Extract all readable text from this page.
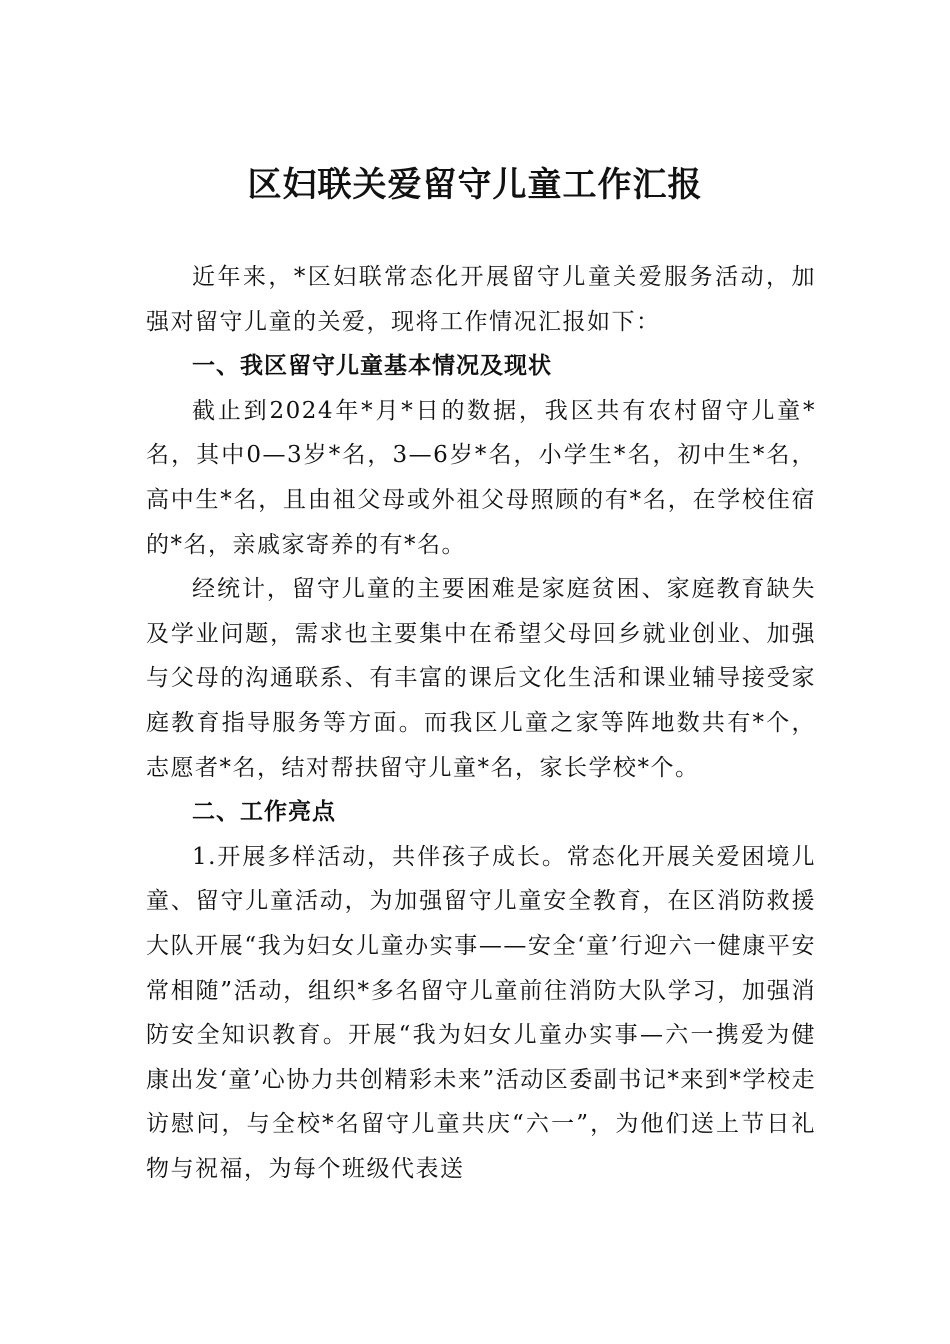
区妇联关爱留守儿童工作汇报

近年来，*区妇联常态化开展留守儿童关爱服务活动，加强对留守儿童的关爱，现将工作情况汇报如下：

一、我区留守儿童基本情况及现状

截止到2024年*月*日的数据，我区共有农村留守儿童*名，其中0—3岁*名，3—6岁*名，小学生*名，初中生*名，高中生*名，且由祖父母或外祖父母照顾的有*名，在学校住宿的*名，亲戚家寄养的有*名。

经统计，留守儿童的主要困难是家庭贫困、家庭教育缺失及学业问题，需求也主要集中在希望父母回乡就业创业、加强与父母的沟通联系、有丰富的课后文化生活和课业辅导接受家庭教育指导服务等方面。而我区儿童之家等阵地数共有*个，志愿者*名，结对帮扶留守儿童*名，家长学校*个。

二、工作亮点

1.开展多样活动，共伴孩子成长。常态化开展关爱困境儿童、留守儿童活动，为加强留守儿童安全教育，在区消防救援大队开展“我为妇女儿童办实事——安全‘童’行迎六一健康平安常相随”活动，组织*多名留守儿童前往消防大队学习，加强消防安全知识教育。开展“我为妇女儿童办实事—六一携爱为健康出发‘童’心协力共创精彩未来”活动区委副书记*来到*学校走访慰问，与全校*名留守儿童共庆“六一”，为他们送上节日礼物与祝福，为每个班级代表送
